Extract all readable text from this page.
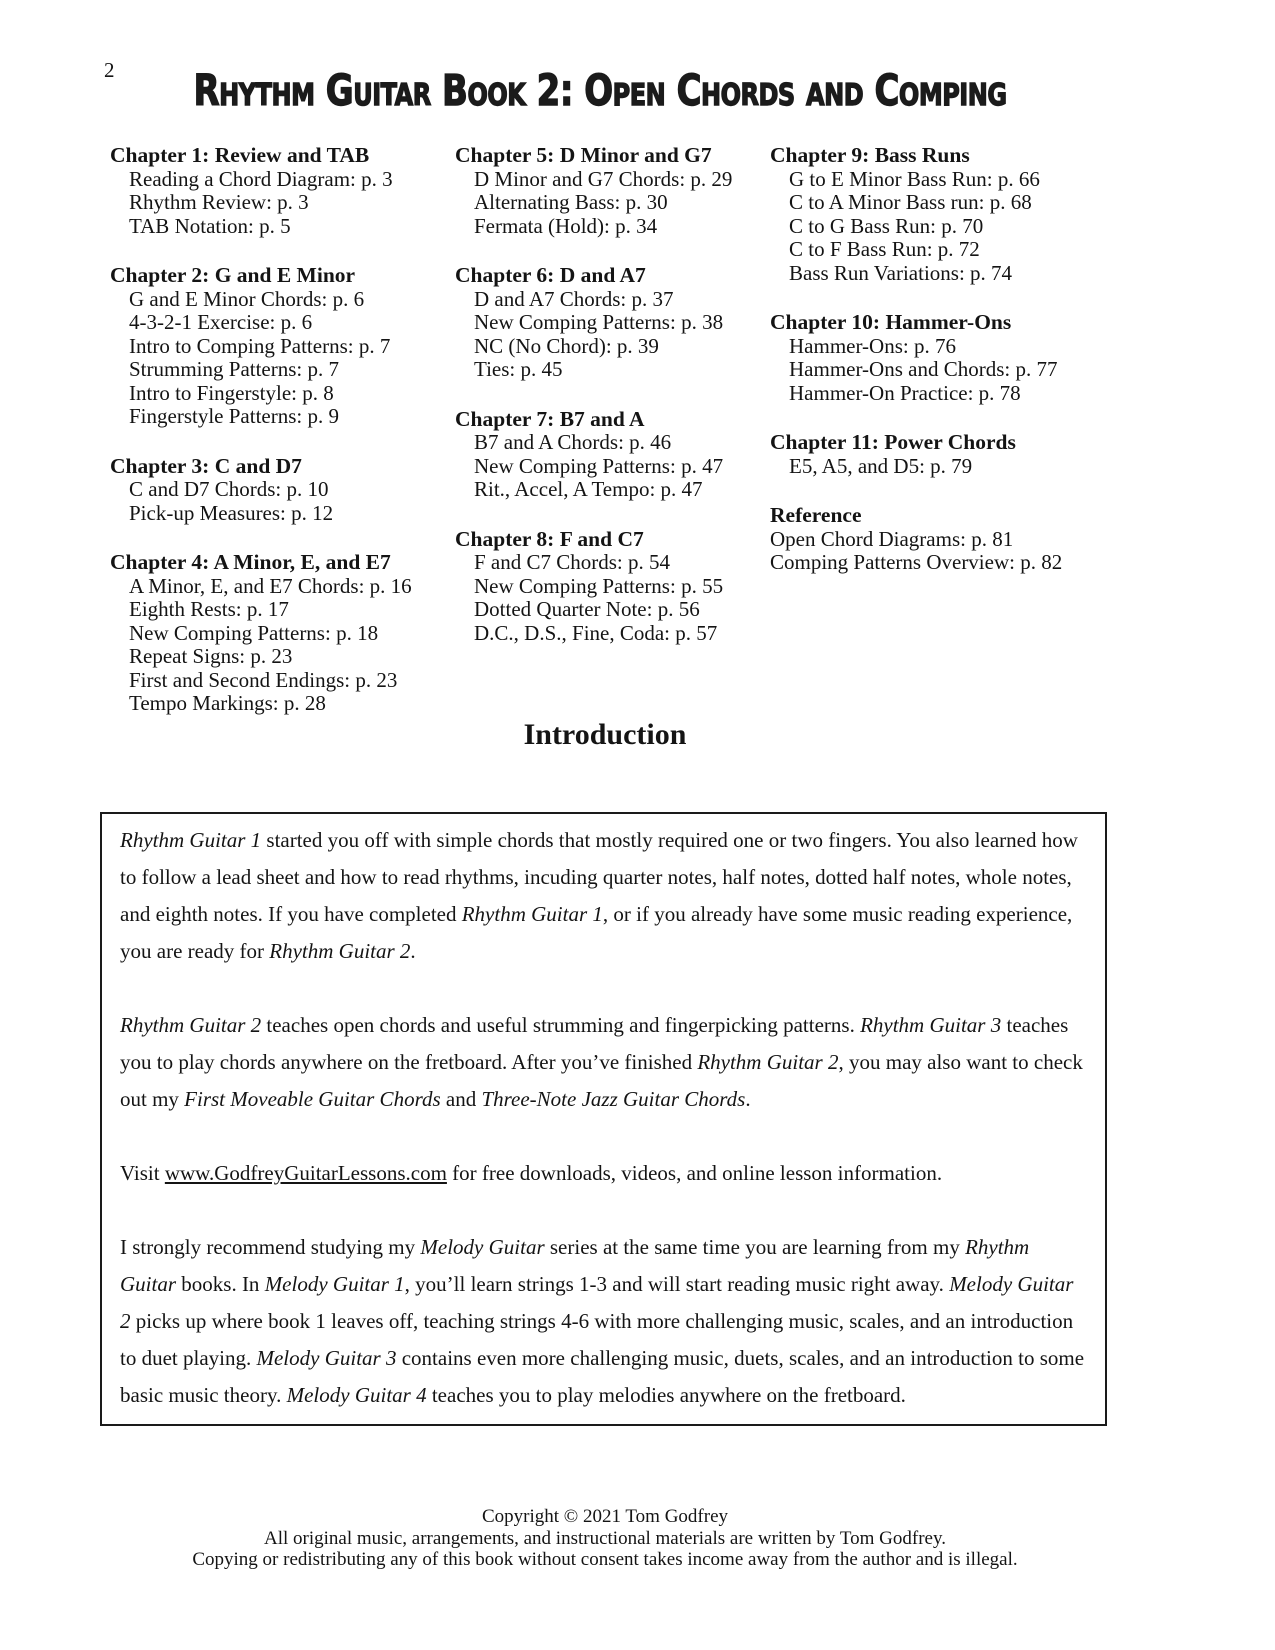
2	Rhythm Guitar Book 2: Open Chords and Comping
Chapter 1: Review and TAB
Reading a Chord Diagram: p. 3
Rhythm Review: p. 3
TAB Notation: p. 5
Chapter 2: G and E Minor
G and E Minor Chords: p. 6
4-3-2-1 Exercise: p. 6
Intro to Comping Patterns: p. 7
Strumming Patterns: p. 7
Intro to Fingerstyle: p. 8
Fingerstyle Patterns: p. 9
Chapter 3: C and D7
C and D7 Chords: p. 10
Pick-up Measures: p. 12
Chapter 4: A Minor, E, and E7
A Minor, E, and E7 Chords: p. 16
Eighth Rests: p. 17
New Comping Patterns: p. 18
Repeat Signs: p. 23
First and Second Endings: p. 23
Tempo Markings: p. 28
Chapter 5: D Minor and G7
D Minor and G7 Chords: p. 29
Alternating Bass: p. 30
Fermata (Hold): p. 34
Chapter 6: D and A7
D and A7 Chords: p. 37
New Comping Patterns: p. 38
NC (No Chord): p. 39
Ties: p. 45
Chapter 7: B7 and A
B7 and A Chords: p. 46
New Comping Patterns: p. 47
Rit., Accel, A Tempo: p. 47
Chapter 8: F and C7
F and C7 Chords: p. 54
New Comping Patterns: p. 55
Dotted Quarter Note: p. 56
D.C., D.S., Fine, Coda: p. 57
Chapter 9: Bass Runs
G to E Minor Bass Run: p. 66
C to A Minor Bass run: p. 68
C to G Bass Run: p. 70
C to F Bass Run: p. 72
Bass Run Variations: p. 74
Chapter 10: Hammer-Ons
Hammer-Ons: p. 76
Hammer-Ons and Chords: p. 77
Hammer-On Practice: p. 78
Chapter 11: Power Chords
E5, A5, and D5: p. 79
Reference
Open Chord Diagrams: p. 81
Comping Patterns Overview: p. 82
Introduction

Rhythm Guitar 1 started you off with simple chords that mostly required one or two fingers. You also learned how to follow a lead sheet and how to read rhythms, incuding quarter notes, half notes, dotted half notes, whole notes, and eighth notes. If you have completed Rhythm Guitar 1, or if you already have some music reading experience, you are ready for Rhythm Guitar 2.

Rhythm Guitar 2 teaches open chords and useful strumming and fingerpicking patterns. Rhythm Guitar 3 teaches you to play chords anywhere on the fretboard. After you’ve finished Rhythm Guitar 2, you may also want to check out my First Moveable Guitar Chords and Three-Note Jazz Guitar Chords.

Visit www.GodfreyGuitarLessons.com for free downloads, videos, and online lesson information.

I strongly recommend studying my Melody Guitar series at the same time you are learning from my Rhythm Guitar books. In Melody Guitar 1, you’ll learn strings 1-3 and will start reading music right away. Melody Guitar 2 picks up where book 1 leaves off, teaching strings 4-6 with more challenging music, scales, and an introduction to duet playing. Melody Guitar 3 contains even more challenging music, duets, scales, and an introduction to some basic music theory. Melody Guitar 4 teaches you to play melodies anywhere on the fretboard.

Copyright © 2021 Tom Godfrey
All original music, arrangements, and instructional materials are written by Tom Godfrey.
Copying or redistributing any of this book without consent takes income away from the author and is illegal.
